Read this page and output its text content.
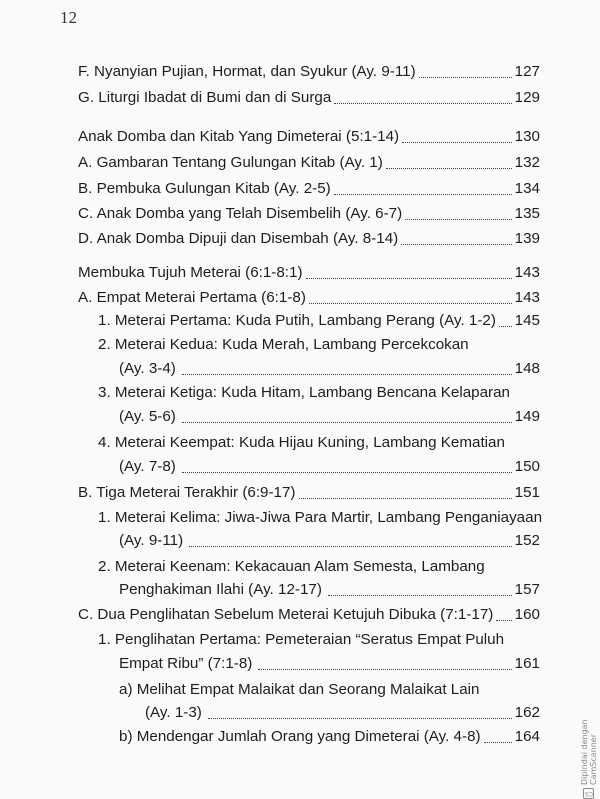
12
F. Nyanyian Pujian, Hormat, dan Syukur (Ay. 9-11)	127
G. Liturgi Ibadat di Bumi dan di Surga	129
Anak Domba dan Kitab Yang Dimeterai (5:1-14)	130
A. Gambaran Tentang Gulungan Kitab (Ay. 1)	132
B. Pembuka Gulungan Kitab (Ay. 2-5)	134
C. Anak Domba yang Telah Disembelih (Ay. 6-7)	135
D. Anak Domba Dipuji dan Disembah (Ay. 8-14)	139
Membuka Tujuh Meterai (6:1-8:1)	143
A. Empat Meterai Pertama (6:1-8)	143
1. Meterai Pertama: Kuda Putih, Lambang Perang (Ay. 1-2) 145
2. Meterai Kedua: Kuda Merah, Lambang Percekcokan
(Ay. 3-4)	148
3. Meterai Ketiga: Kuda Hitam, Lambang Bencana Kelaparan
(Ay. 5-6)	149
4. Meterai Keempat: Kuda Hijau Kuning, Lambang Kematian
(Ay. 7-8)	150
B. Tiga Meterai Terakhir (6:9-17)	151
1. Meterai Kelima: Jiwa-Jiwa Para Martir, Lambang Penganiayaan
(Ay. 9-11)	152
2. Meterai Keenam: Kekacauan Alam Semesta, Lambang
Penghakiman Ilahi (Ay. 12-17)	157
C. Dua Penglihatan Sebelum Meterai Ketujuh Dibuka (7:1-17) 160
1. Penglihatan Pertama: Pemeteraian “Seratus Empat Puluh
Empat Ribu” (7:1-8)	161
a) Melihat Empat Malaikat dan Seorang Malaikat Lain
(Ay. 1-3)	162
b) Mendengar Jumlah Orang yang Dimeterai (Ay. 4-8) 164
CS
Dipindai dengan CamScanner
